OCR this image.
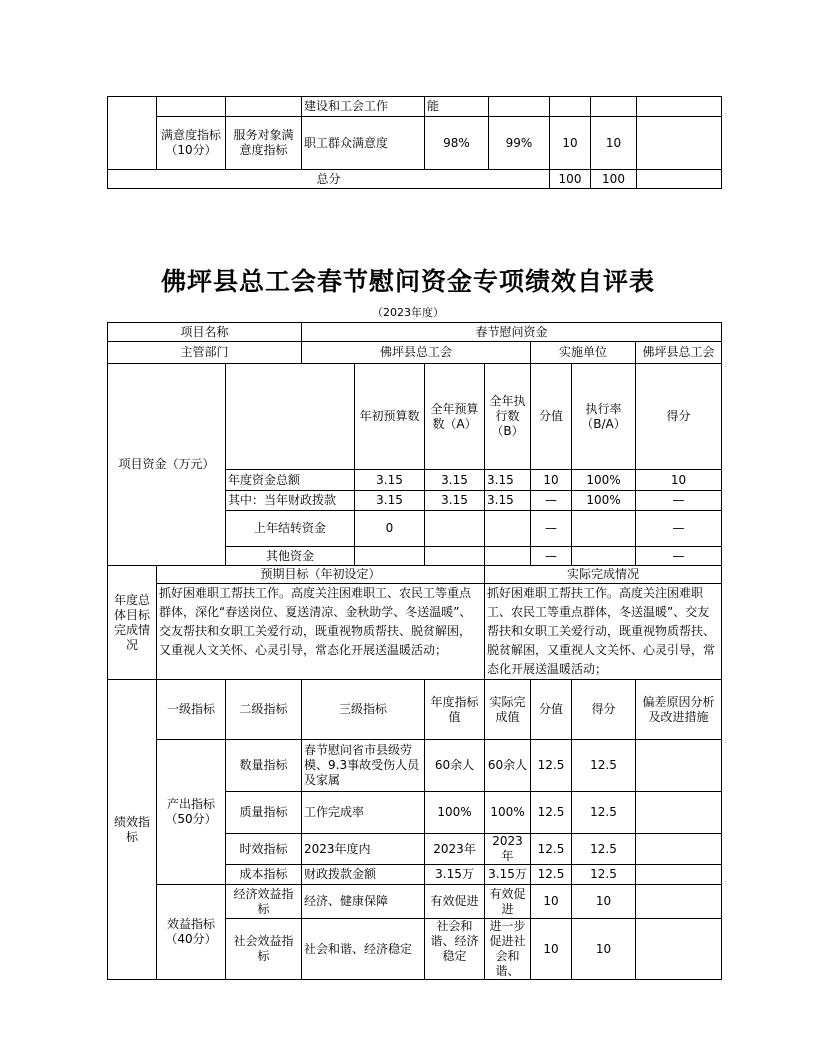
			建设和工会工作	能				
	满意度指标（10分）	服务对象满意度指标	职工群众满意度	98%	99%	10	10	
总分						100	100	
佛坪县总工会春节慰问资金专项绩效自评表
（2023年度）
项目名称			春节慰问资金						
主管部门			佛坪县总工会				实施单位		佛坪县总工会
项目资金（万元）				年初预算数	全年预算数（A）	全年执行数（B）	分值	执行率（B/A）	得分
		年度资金总额		3.15	3.15	3.15	10	100%	10
		其中：当年财政拨款		3.15	3.15	3.15	—	100%	—
		上年结转资金		0			—		—
		其他资金					—		—
年度总体目标完成情况	预期目标（年初设定）					实际完成情况			
	抓好困难职工帮扶工作。高度关注困难职工、农民工等重点群体，深化“春送岗位、夏送清凉、金秋助学、冬送温暖”、交友帮扶和女职工关爱行动，既重视物质帮扶、脱贫解困，又重视人文关怀、心灵引导，常态化开展送温暖活动；					抓好困难职工帮扶工作。高度关注困难职工、农民工等重点群体，冬送温暖”、交友帮扶和女职工关爱行动，既重视物质帮扶、脱贫解困，又重视人文关怀、心灵引导，常态化开展送温暖活动；			
绩效指标	一级指标	二级指标	三级指标		年度指标值	实际完成值	分值	得分	偏差原因分析及改进措施
	产出指标（50分）	数量指标	春节慰问省市县级劳模、9.3事故受伤人员及家属		60余人	60余人	12.5	12.5	
		质量指标	工作完成率		100%	100%	12.5	12.5	
		时效指标	2023年度内		2023年	2023年	12.5	12.5	
		成本指标	财政拨款金额		3.15万	3.15万	12.5	12.5	
	效益指标（40分）	经济效益指标	经济、健康保障		有效促进	有效促进	10	10	
		社会效益指标	社会和谐、经济稳定		社会和谐、经济稳定	进一步促进社会和谐、	10	10	
